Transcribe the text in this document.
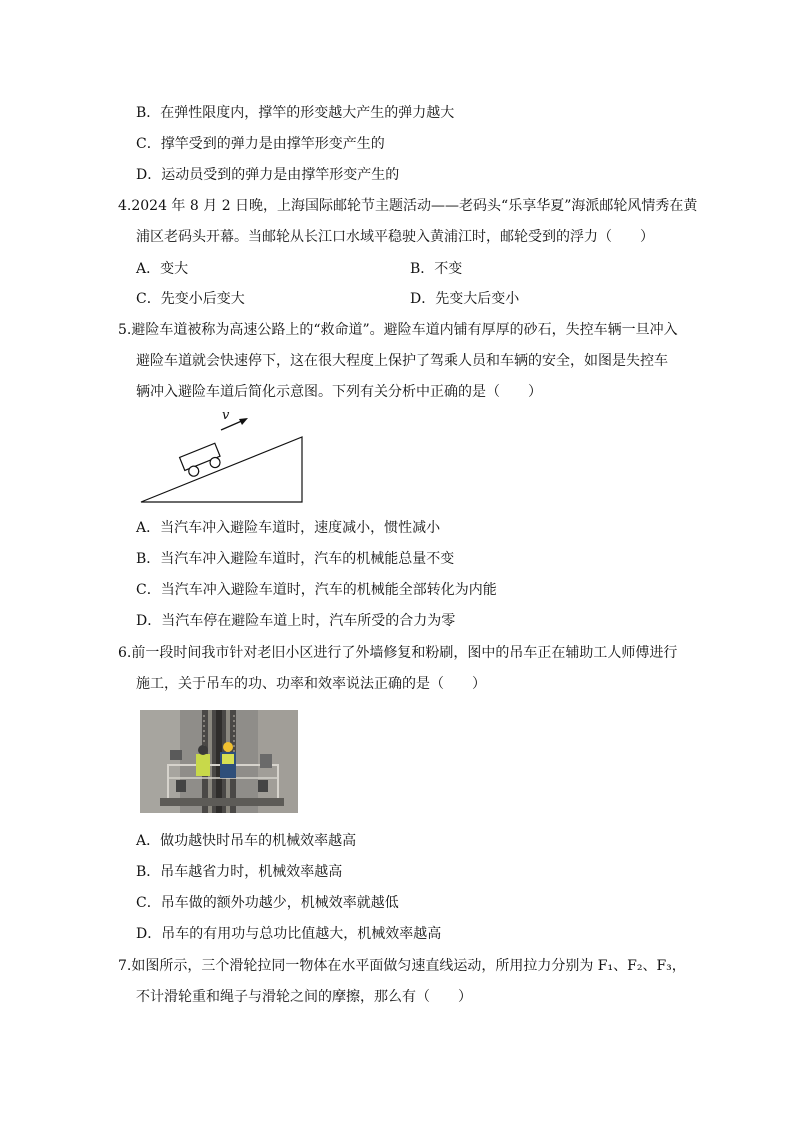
B．在弹性限度内，撑竿的形变越大产生的弹力越大
C．撑竿受到的弹力是由撑竿形变产生的
D．运动员受到的弹力是由撑竿形变产生的
4.2024 年 8 月 2 日晚，上海国际邮轮节主题活动——老码头“乐享华夏”海派邮轮风情秀在黄
浦区老码头开幕。当邮轮从长江口水域平稳驶入黄浦江时，邮轮受到的浮力（　　）
A．变大	B．不变
C．先变小后变大	D．先变大后变小
5.避险车道被称为高速公路上的“救命道”。避险车道内铺有厚厚的砂石，失控车辆一旦冲入
避险车道就会快速停下，这在很大程度上保护了驾乘人员和车辆的安全，如图是失控车
辆冲入避险车道后简化示意图。下列有关分析中正确的是（　　）
v
A．当汽车冲入避险车道时，速度减小，惯性减小
B．当汽车冲入避险车道时，汽车的机械能总量不变
C．当汽车冲入避险车道时，汽车的机械能全部转化为内能
D．当汽车停在避险车道上时，汽车所受的合力为零
6.前一段时间我市针对老旧小区进行了外墙修复和粉刷，图中的吊车正在辅助工人师傅进行
施工，关于吊车的功、功率和效率说法正确的是（　　）
A．做功越快时吊车的机械效率越高
B．吊车越省力时，机械效率越高
C．吊车做的额外功越少，机械效率就越低
D．吊车的有用功与总功比值越大，机械效率越高
7.如图所示，三个滑轮拉同一物体在水平面做匀速直线运动，所用拉力分别为 F₁、F₂、F₃，
不计滑轮重和绳子与滑轮之间的摩擦，那么有（　　）
